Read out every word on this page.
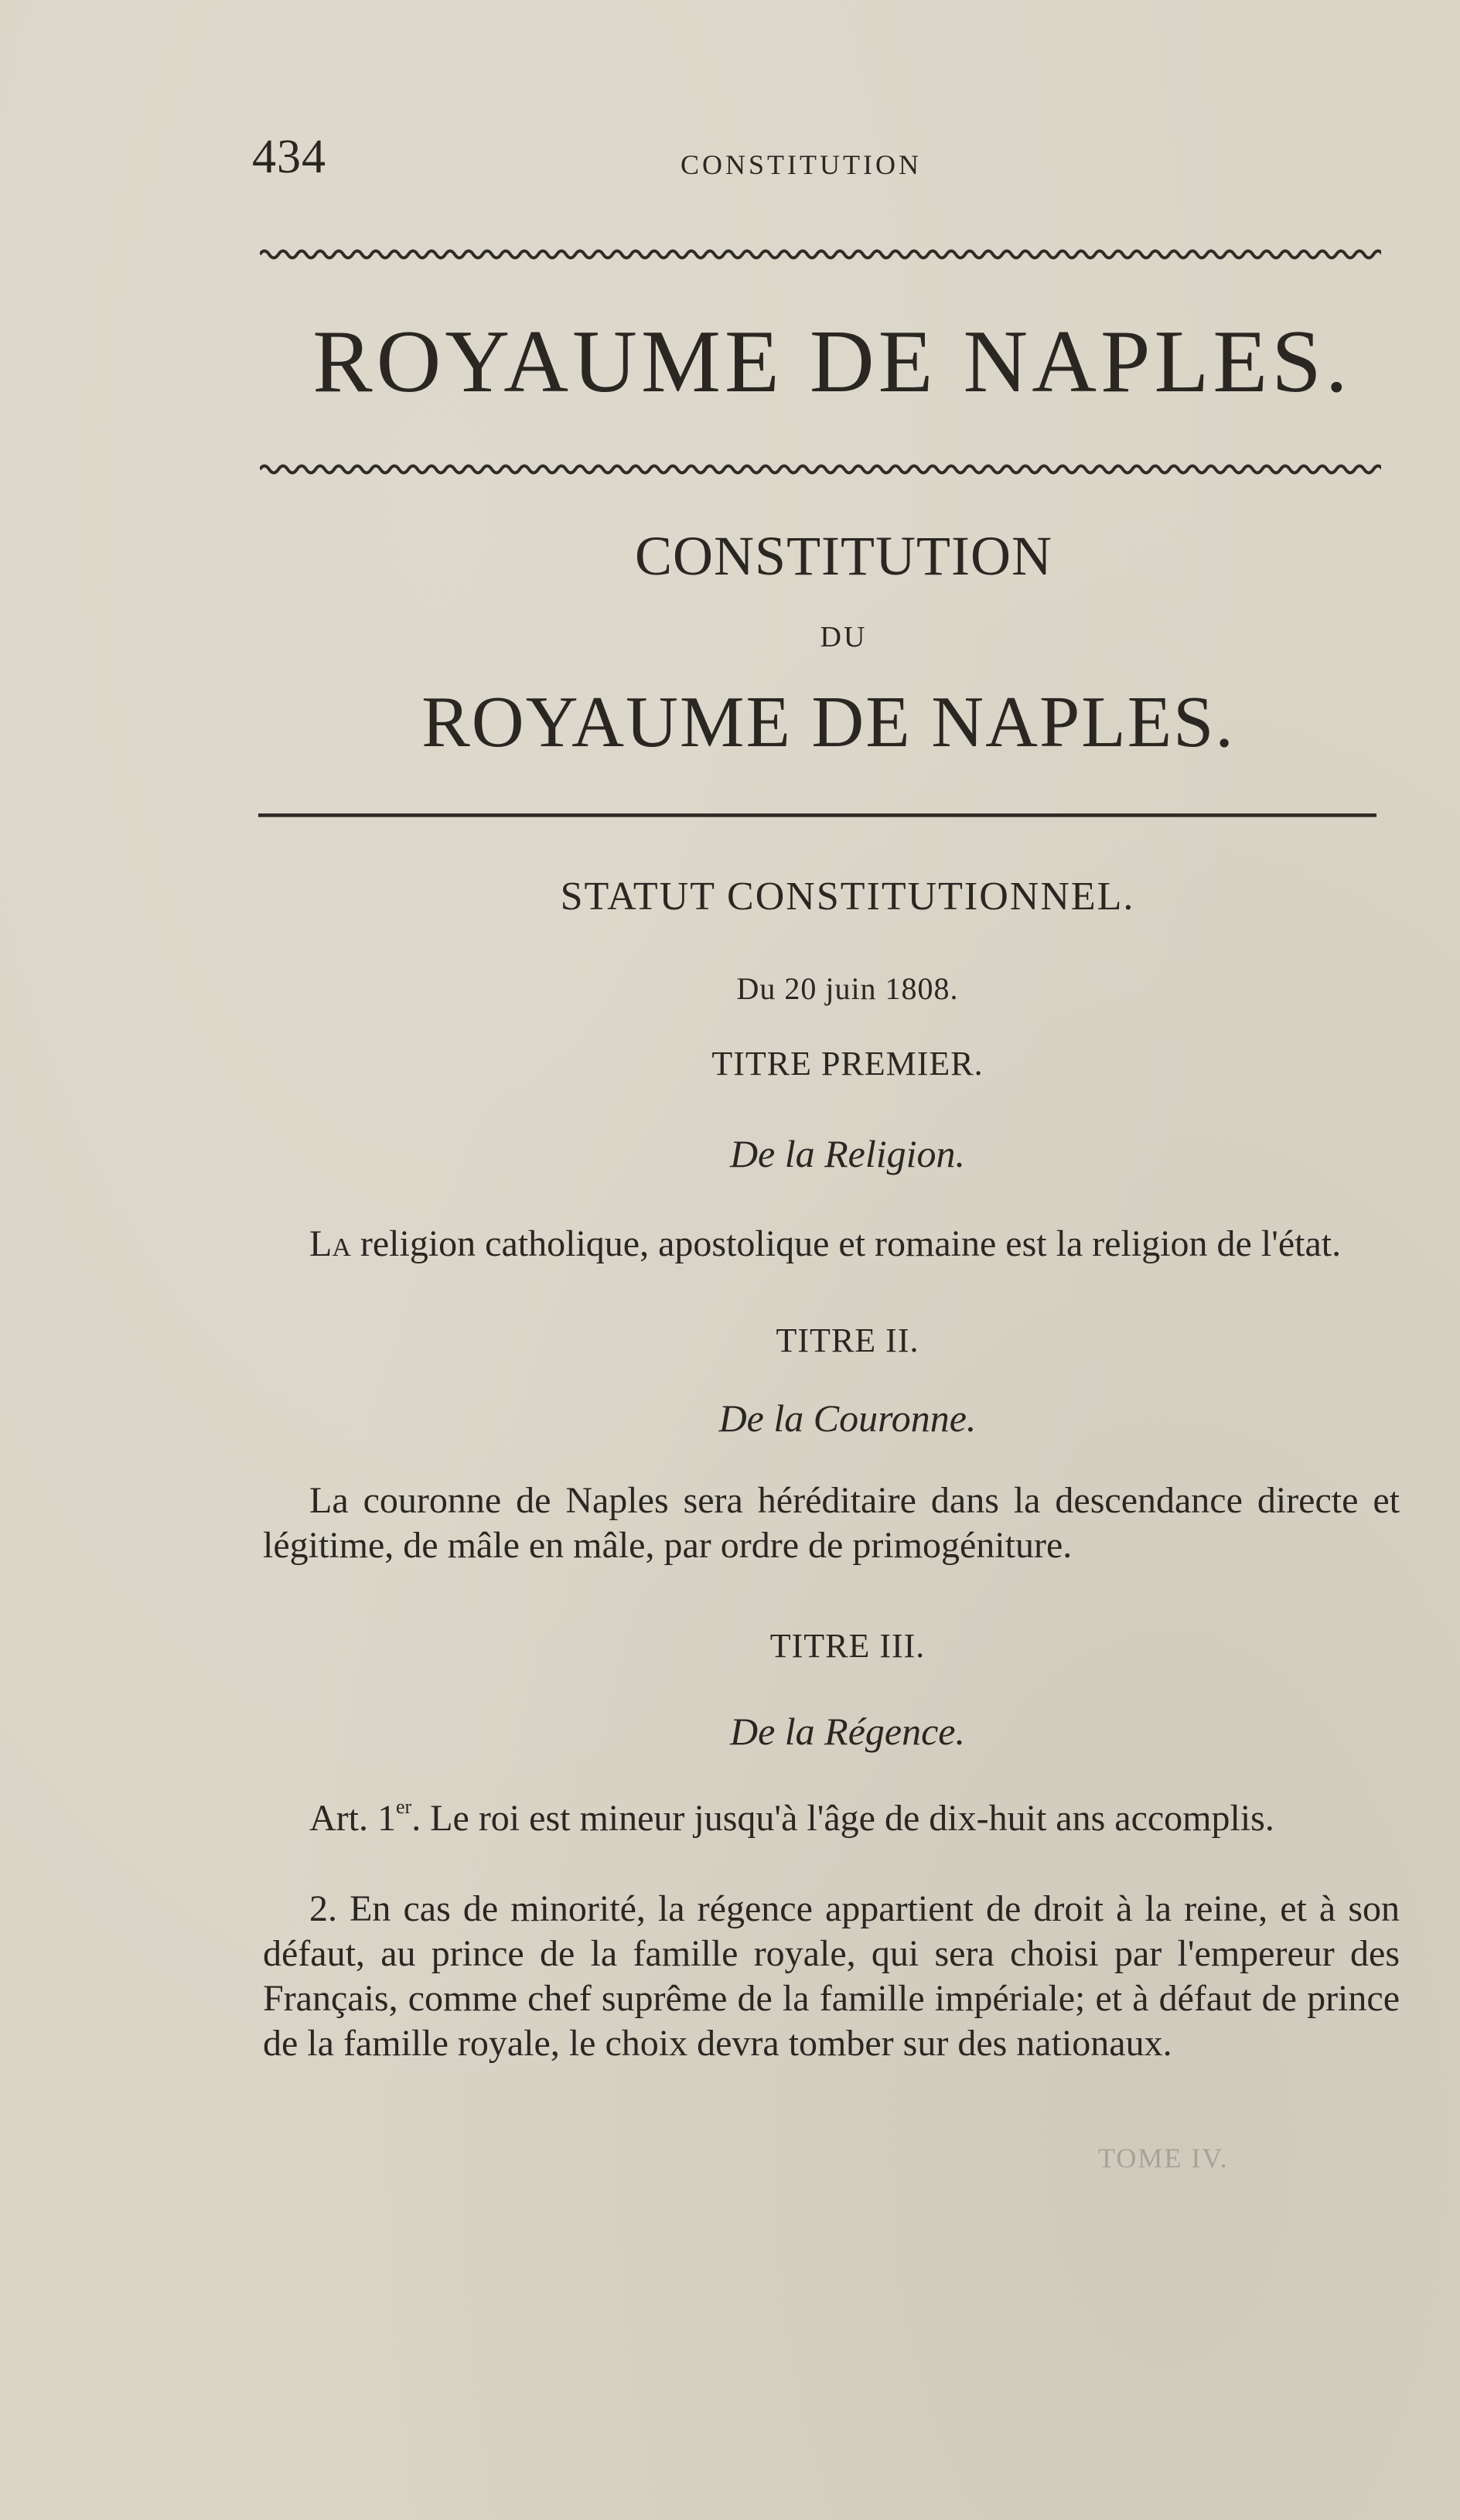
434	CONSTITUTION
ROYAUME DE NAPLES.
CONSTITUTION
DU
ROYAUME DE NAPLES.
STATUT CONSTITUTIONNEL.
Du 20 juin 1808.
TITRE PREMIER.
De la Religion.
La religion catholique, apostolique et romaine est la religion de l'état.
TITRE II.
De la Couronne.
La couronne de Naples sera héréditaire dans la descendance directe et légitime, de mâle en mâle, par ordre de primogéniture.
TITRE III.
De la Régence.
Art. 1er. Le roi est mineur jusqu'à l'âge de dix-huit ans accomplis.
2. En cas de minorité, la régence appartient de droit à la reine, et à son défaut, au prince de la famille royale, qui sera choisi par l'empereur des Français, comme chef suprême de la famille impériale; et à défaut de prince de la famille royale, le choix devra tomber sur des nationaux.
TOME IV.
